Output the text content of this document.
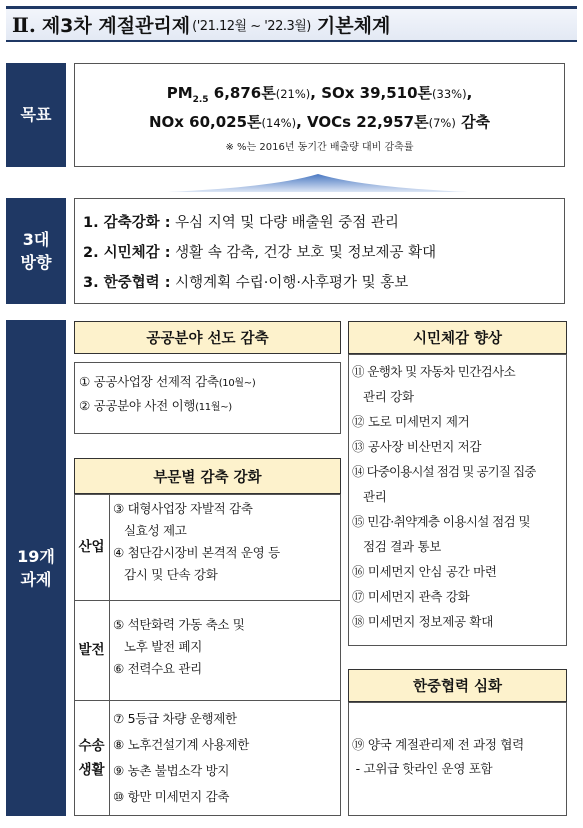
Ⅱ. 제3차 계절관리제 ('21.12월 ~ '22.3월) 기본체계
목표
$PM_{2.5}$ 6,876톤(21%), SOx 39,510톤(33%),
NOx 60,025톤(14%), VOCs 22,957톤(7%) 감축
※ %는 2016년 동기간 배출량 대비 감축률
3대
방향
1. 감축강화 : 우심 지역 및 다량 배출원 중점 관리
2. 시민체감 : 생활 속 감축, 건강 보호 및 정보제공 확대
3. 한중협력 : 시행계획 수립·이행·사후평가 및 홍보
19개
과제
공공분야 선도 감축
① 공공사업장 선제적 감축(10월~)
② 공공분야 사전 이행(11월~)
부문별 감축 강화
산업
③ 대형사업장 자발적 감축
실효성 제고
④ 첨단감시장비 본격적 운영 등
감시 및 단속 강화
발전
⑤ 석탄화력 가동 축소 및
노후 발전 폐지
⑥ 전력수요 관리
수송
생활
⑦ 5등급 차량 운행제한
⑧ 노후건설기계 사용제한
⑨ 농촌 불법소각 방지
⑩ 항만 미세먼지 감축
시민체감 향상
⑪ 운행차 및 자동차 민간검사소
관리 강화
⑫ 도로 미세먼지 제거
⑬ 공사장 비산먼지 저감
⑭ 다중이용시설 점검 및 공기질 집중
관리
⑮ 민감·취약계층 이용시설 점검 및
점검 결과 통보
⑯ 미세먼지 안심 공간 마련
⑰ 미세먼지 관측 강화
⑱ 미세먼지 정보제공 확대
한중협력 심화
⑲ 양국 계절관리제 전 과정 협력
- 고위급 핫라인 운영 포함
